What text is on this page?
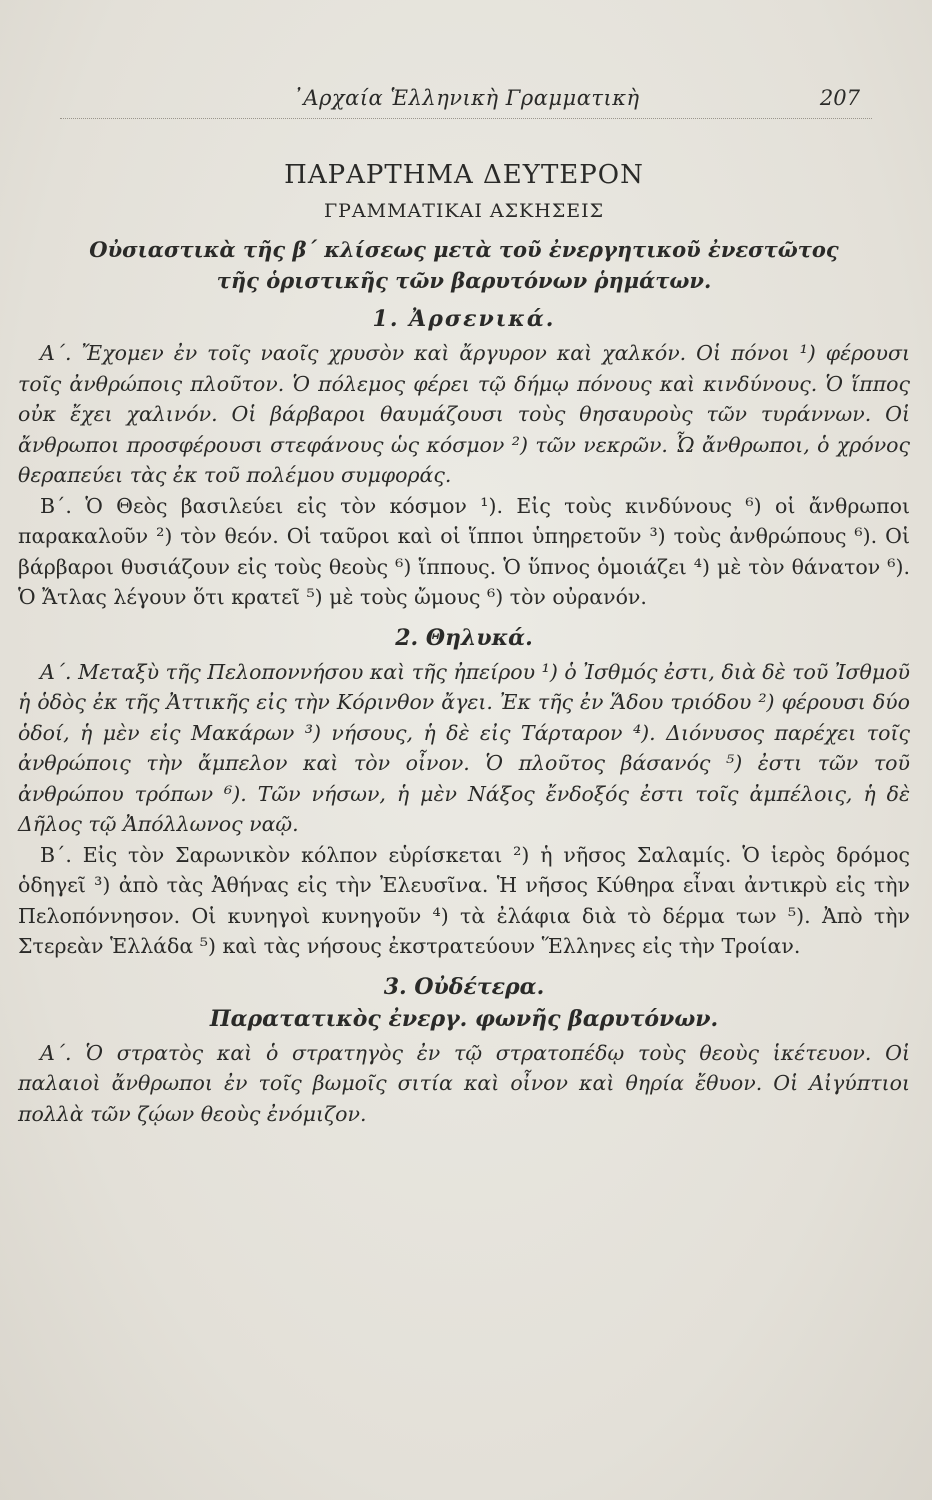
᾿Αρχαία Ἑλληνικὴ Γραμματικὴ	207
ΠΑΡΑΡΤΗΜΑ ΔΕΥΤΕΡΟΝ
ΓΡΑΜΜΑΤΙΚΑΙ ΑΣΚΗΣΕΙΣ
Οὐσιαστικὰ τῆς β΄ κλίσεως μετὰ τοῦ ἐνεργητικοῦ ἐνεστῶτος
τῆς ὁριστικῆς τῶν βαρυτόνων ῥημάτων.
1. Ἀρσενικά.

Α΄. Ἔχομεν ἐν τοῖς ναοῖς χρυσὸν καὶ ἄργυρον καὶ χαλκόν. Οἱ πόνοι ¹) φέρουσι τοῖς ἀνθρώποις πλοῦτον. Ὁ πόλεμος φέρει τῷ δήμῳ πόνους καὶ κινδύνους. Ὁ ἵππος οὐκ ἔχει χαλινόν. Οἱ βάρβαροι θαυμάζουσι τοὺς θησαυροὺς τῶν τυράννων. Οἱ ἄνθρωποι προσφέρουσι στεφάνους ὡς κόσμον ²) τῶν νεκρῶν. Ὦ ἄνθρωποι, ὁ χρόνος θεραπεύει τὰς ἐκ τοῦ πολέμου συμφοράς.

Β΄. Ὁ Θεὸς βασιλεύει εἰς τὸν κόσμον ¹). Εἰς τοὺς κινδύνους ⁶) οἱ ἄνθρωποι παρακαλοῦν ²) τὸν θεόν. Οἱ ταῦροι καὶ οἱ ἵπποι ὑπηρετοῦν ³) τοὺς ἀνθρώπους ⁶). Οἱ βάρβαροι θυσιάζουν εἰς τοὺς θεοὺς ⁶) ἵππους. Ὁ ὕπνος ὁμοιάζει ⁴) μὲ τὸν θάνατον ⁶). Ὁ Ἄτλας λέγουν ὅτι κρατεῖ ⁵) μὲ τοὺς ὤμους ⁶) τὸν οὐρανόν.

2. Θηλυκά.

Α΄. Μεταξὺ τῆς Πελοποννήσου καὶ τῆς ἠπείρου ¹) ὁ Ἰσθμός ἐστι, διὰ δὲ τοῦ Ἰσθμοῦ ἡ ὁδὸς ἐκ τῆς Ἀττικῆς εἰς τὴν Κόρινθον ἄγει. Ἐκ τῆς ἐν Ἅδου τριόδου ²) φέρουσι δύο ὁδοί, ἡ μὲν εἰς Μακάρων ³) νήσους, ἡ δὲ εἰς Τάρταρον ⁴). Διόνυσος παρέχει τοῖς ἀνθρώποις τὴν ἄμπελον καὶ τὸν οἶνον. Ὁ πλοῦτος βάσανός ⁵) ἐστι τῶν τοῦ ἀνθρώπου τρόπων ⁶). Τῶν νήσων, ἡ μὲν Νάξος ἔνδοξός ἐστι τοῖς ἀμπέλοις, ἡ δὲ Δῆλος τῷ Ἀπόλλωνος ναῷ.

Β΄. Εἰς τὸν Σαρωνικὸν κόλπον εὑρίσκεται ²) ἡ νῆσος Σαλαμίς. Ὁ ἱερὸς δρόμος ὁδηγεῖ ³) ἀπὸ τὰς Ἀθήνας εἰς τὴν Ἐλευσῖνα. Ἡ νῆσος Κύθηρα εἶναι ἀντικρὺ εἰς τὴν Πελοπόννησον. Οἱ κυνηγοὶ κυνηγοῦν ⁴) τὰ ἐλάφια διὰ τὸ δέρμα των ⁵). Ἀπὸ τὴν Στερεὰν Ἑλλάδα ⁵) καὶ τὰς νήσους ἐκστρατεύουν Ἕλληνες εἰς τὴν Τροίαν.

3. Οὐδέτερα.
Παρατατικὸς ἐνεργ. φωνῆς βαρυτόνων.

Α΄. Ὁ στρατὸς καὶ ὁ στρατηγὸς ἐν τῷ στρατοπέδῳ τοὺς θεοὺς ἱκέτευον. Οἱ παλαιοὶ ἄνθρωποι ἐν τοῖς βωμοῖς σιτία καὶ οἶνον καὶ θηρία ἔθυον. Οἱ Αἰγύπτιοι πολλὰ τῶν ζῴων θεοὺς ἐνόμιζον.
